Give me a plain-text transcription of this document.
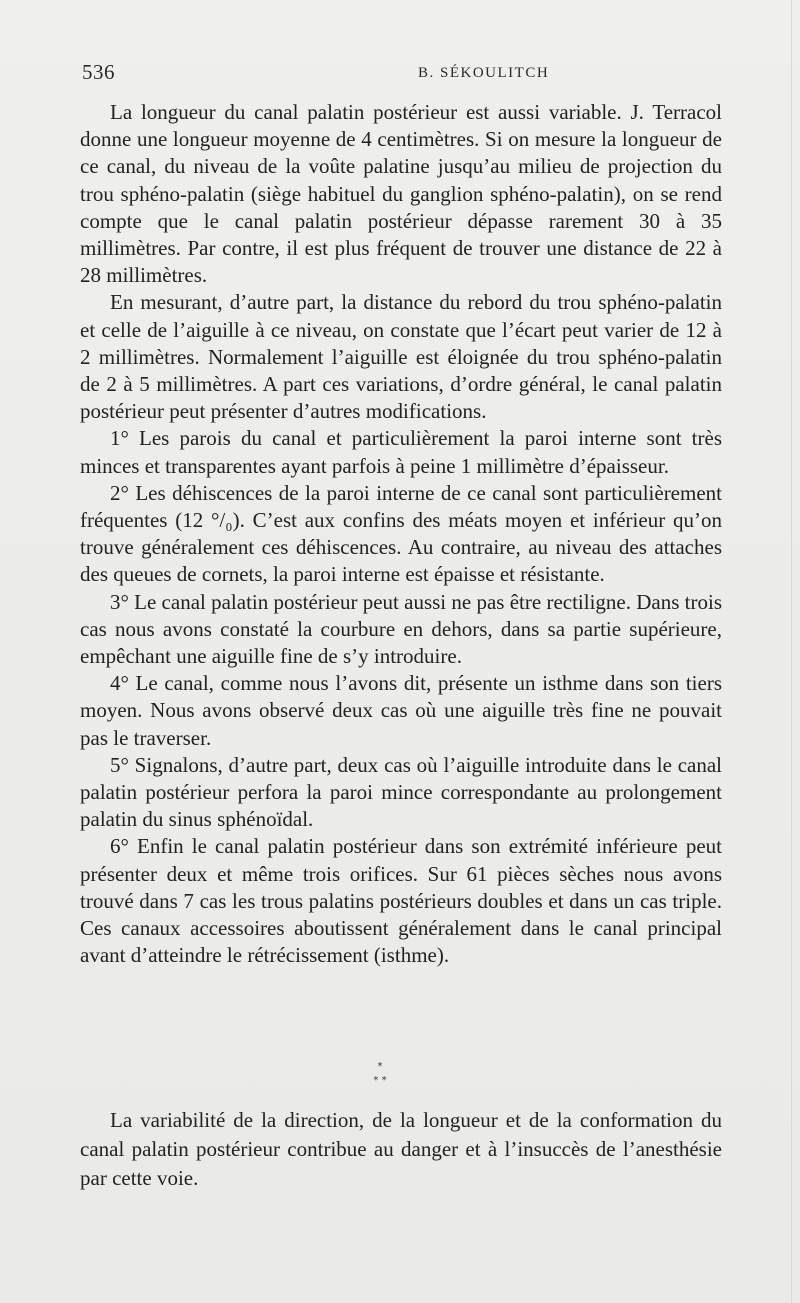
536	B. SÉKOULITCH

La longueur du canal palatin postérieur est aussi variable. J. Terracol donne une longueur moyenne de 4 centimètres. Si on mesure la longueur de ce canal, du niveau de la voûte palatine jusqu’au milieu de projection du trou sphéno-palatin (siège habituel du ganglion sphéno-palatin), on se rend compte que le canal palatin postérieur dépasse rarement 30 à 35 millimètres. Par contre, il est plus fréquent de trouver une distance de 22 à 28 millimètres.

En mesurant, d’autre part, la distance du rebord du trou sphéno-palatin et celle de l’aiguille à ce niveau, on constate que l’écart peut varier de 12 à 2 millimètres. Normalement l’aiguille est éloignée du trou sphéno-palatin de 2 à 5 millimètres. A part ces variations, d’ordre général, le canal palatin postérieur peut présenter d’autres modifications.

1° Les parois du canal et particulièrement la paroi interne sont très minces et transparentes ayant parfois à peine 1 millimètre d’épaisseur.

2° Les déhiscences de la paroi interne de ce canal sont particulièrement fréquentes (12 °/₀). C’est aux confins des méats moyen et inférieur qu’on trouve généralement ces déhiscences. Au contraire, au niveau des attaches des queues de cornets, la paroi interne est épaisse et résistante.

3° Le canal palatin postérieur peut aussi ne pas être rectiligne. Dans trois cas nous avons constaté la courbure en dehors, dans sa partie supérieure, empêchant une aiguille fine de s’y introduire.

4° Le canal, comme nous l’avons dit, présente un isthme dans son tiers moyen. Nous avons observé deux cas où une aiguille très fine ne pouvait pas le traverser.

5° Signalons, d’autre part, deux cas où l’aiguille introduite dans le canal palatin postérieur perfora la paroi mince correspondante au prolongement palatin du sinus sphénoïdal.

6° Enfin le canal palatin postérieur dans son extrémité inférieure peut présenter deux et même trois orifices. Sur 61 pièces sèches nous avons trouvé dans 7 cas les trous palatins postérieurs doubles et dans un cas triple. Ces canaux accessoires aboutissent généralement dans le canal principal avant d’atteindre le rétrécissement (isthme).

*
* *

La variabilité de la direction, de la longueur et de la conformation du canal palatin postérieur contribue au danger et à l’insuccès de l’anesthésie par cette voie.
